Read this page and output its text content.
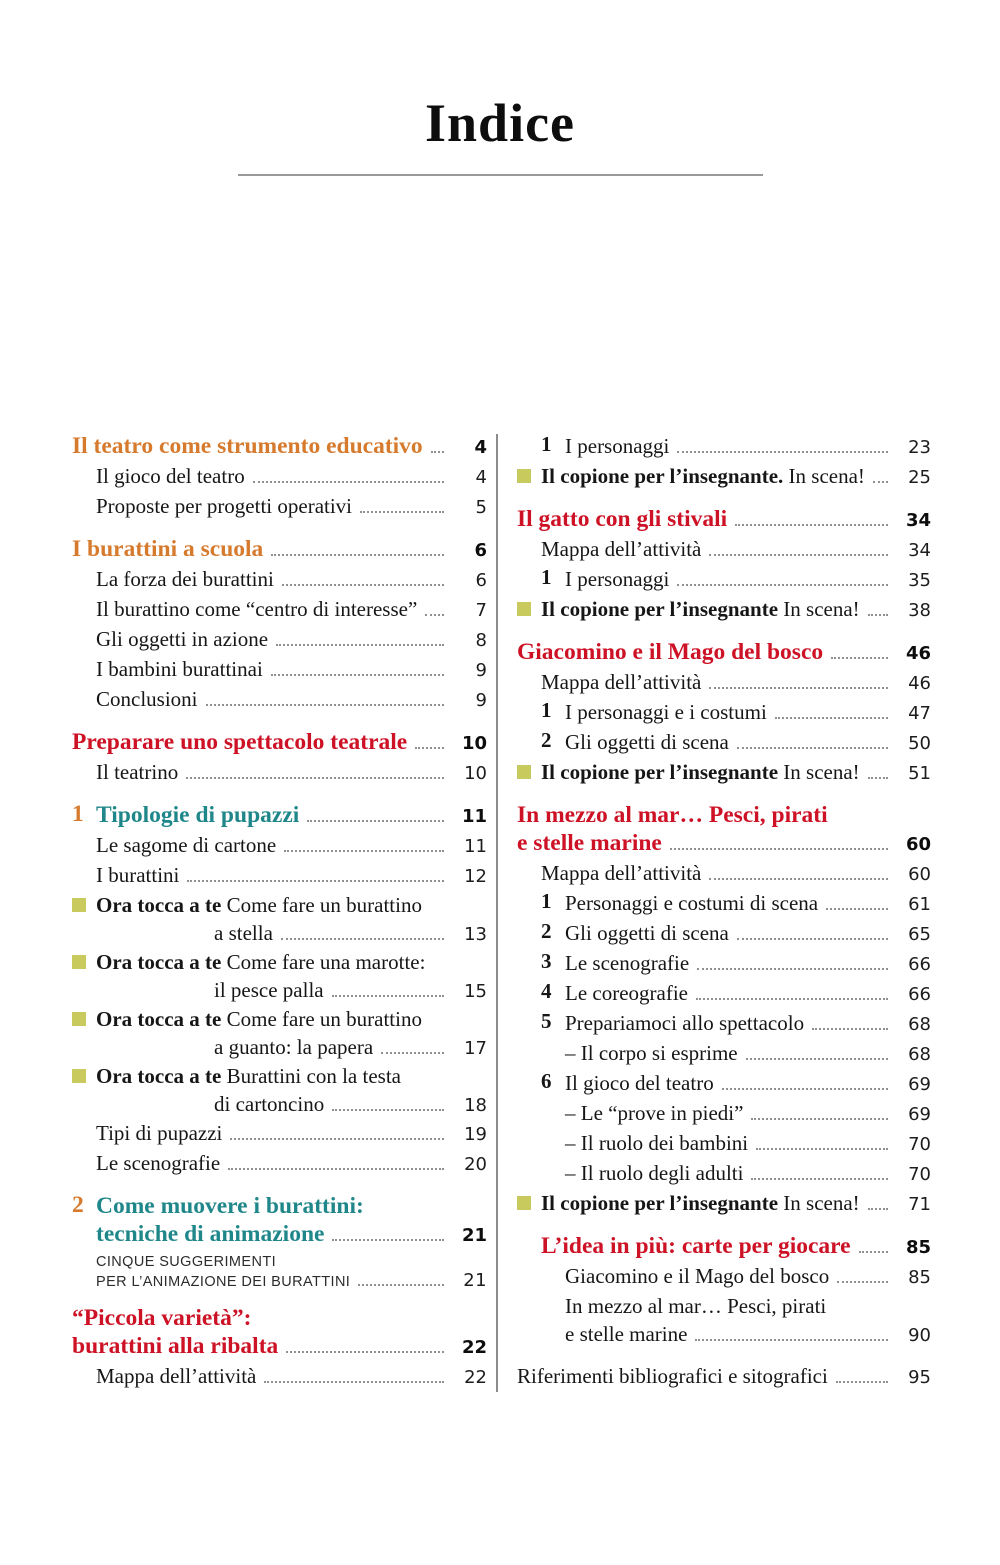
Indice
Il teatro come strumento educativo	4
Il gioco del teatro	4
Proposte per progetti operativi	5
I burattini a scuola	6
La forza dei burattini	6
Il burattino come “centro di interesse”	7
Gli oggetti in azione	8
I bambini burattinai	9
Conclusioni	9
Preparare uno spettacolo teatrale	10
Il teatrino	10
1 Tipologie di pupazzi	11
Le sagome di cartone	11
I burattini	12
Ora tocca a te Come fare un burattino
a stella	13
Ora tocca a te Come fare una marotte:
il pesce palla	15
Ora tocca a te Come fare un burattino
a guanto: la papera	17
Ora tocca a te Burattini con la testa
di cartoncino	18
Tipi di pupazzi	19
Le scenografie	20
2 Come muovere i burattini:
tecniche di animazione	21
CINQUE SUGGERIMENTI
PER L’ANIMAZIONE DEI BURATTINI	21
“Piccola varietà”:
burattini alla ribalta	22
Mappa dell’attività	22
1 I personaggi	23
Il copione per l’insegnante. In scena!	25
Il gatto con gli stivali	34
Mappa dell’attività	34
1 I personaggi	35
Il copione per l’insegnante In scena!	38
Giacomino e il Mago del bosco	46
Mappa dell’attività	46
1 I personaggi e i costumi	47
2 Gli oggetti di scena	50
Il copione per l’insegnante In scena!	51
In mezzo al mar… Pesci, pirati
e stelle marine	60
Mappa dell’attività	60
1 Personaggi e costumi di scena	61
2 Gli oggetti di scena	65
3 Le scenografie	66
4 Le coreografie	66
5 Prepariamoci allo spettacolo	68
– Il corpo si esprime	68
6 Il gioco del teatro	69
– Le “prove in piedi”	69
– Il ruolo dei bambini	70
– Il ruolo degli adulti	70
Il copione per l’insegnante In scena!	71
L’idea in più: carte per giocare	85
Giacomino e il Mago del bosco	85
In mezzo al mar… Pesci, pirati
e stelle marine	90
Riferimenti bibliografici e sitografici	95
